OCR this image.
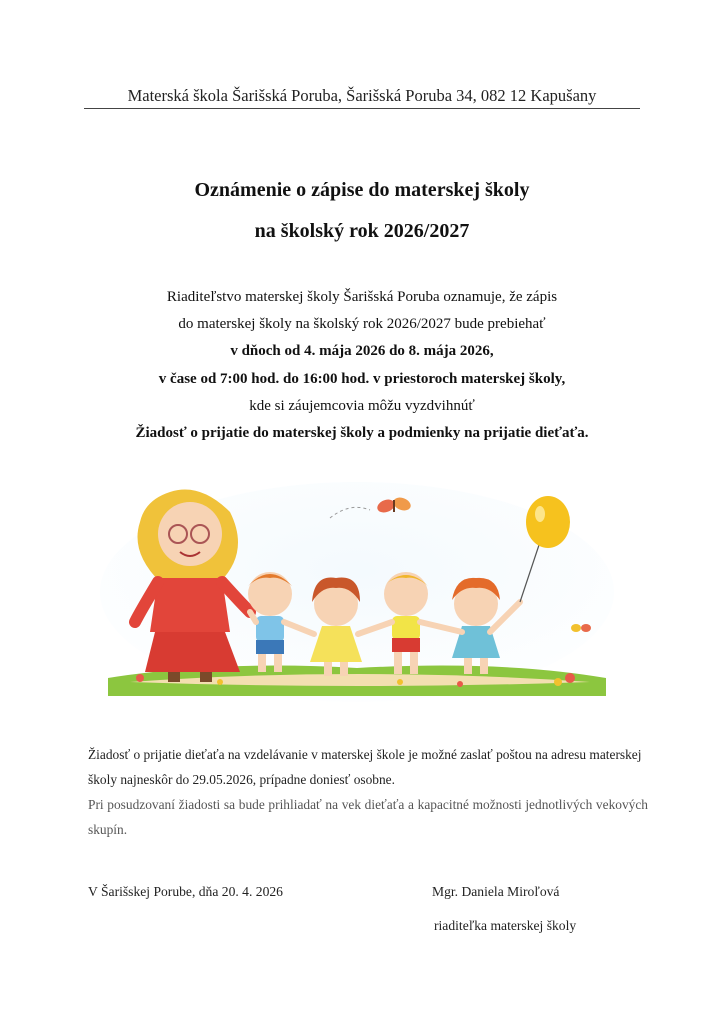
Materská škola Šarišská Poruba, Šarišská Poruba 34, 082 12 Kapušany
Oznámenie o zápise do materskej školy
na školský rok 2026/2027
Riaditeľstvo materskej školy Šarišská Poruba oznamuje, že zápis
do materskej školy na školský rok 2026/2027 bude prebiehať
v dňoch od 4. mája 2026 do 8. mája 2026,
v čase od 7:00 hod. do 16:00 hod. v priestoroch materskej školy,
kde si záujemcovia môžu vyzdvihnúť
Žiadosť o prijatie do materskej školy a podmienky na prijatie dieťaťa.
Žiadosť o prijatie dieťaťa na vzdelávanie v materskej škole je možné zaslať poštou na adresu materskej školy najneskôr do 29.05.2026, prípadne doniesť osobne.
Pri posudzovaní žiadosti sa bude prihliadať na vek dieťaťa a kapacitné možnosti jednotlivých vekových skupín.
V Šarišskej Porube, dňa 20. 4. 2026	Mgr. Daniela Miroľová
riaditeľka materskej školy
